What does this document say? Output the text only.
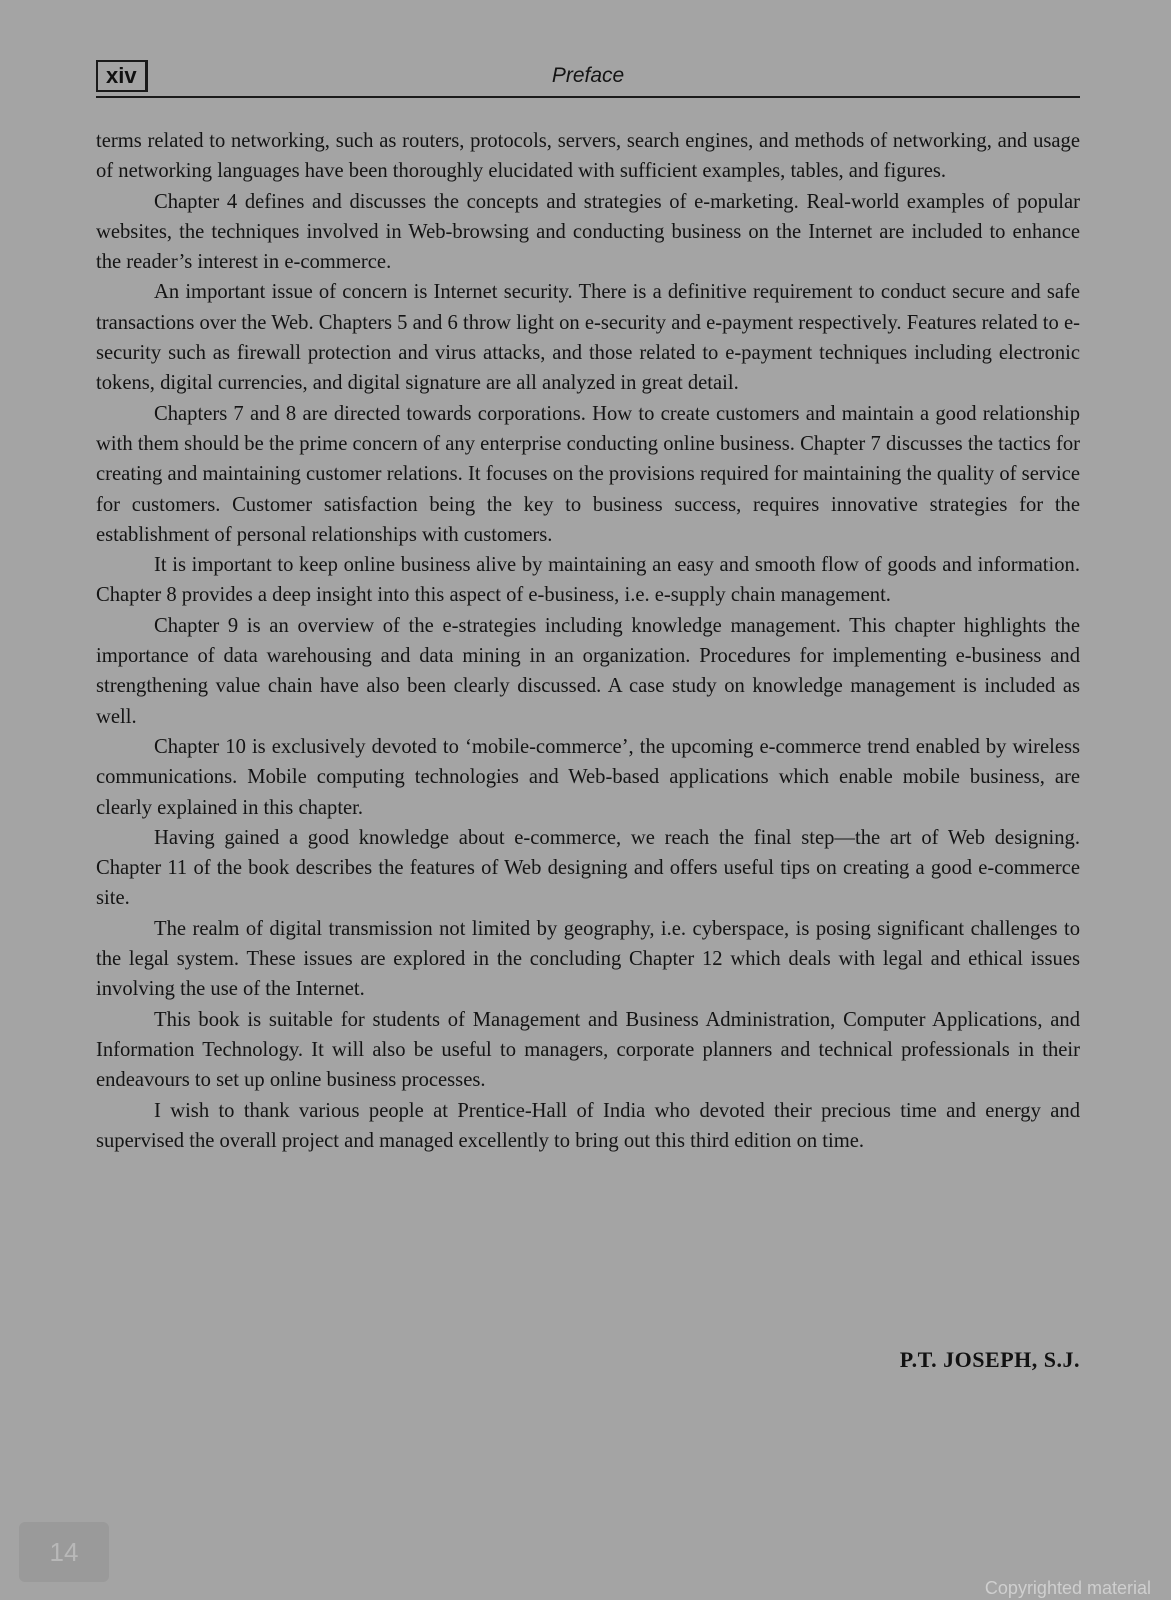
xiv	Preface

terms related to networking, such as routers, protocols, servers, search engines, and methods of networking, and usage of networking languages have been thoroughly elucidated with sufficient examples, tables, and figures.

Chapter 4 defines and discusses the concepts and strategies of e-marketing. Real-world examples of popular websites, the techniques involved in Web-browsing and conducting business on the Internet are included to enhance the reader’s interest in e-commerce.

An important issue of concern is Internet security. There is a definitive requirement to conduct secure and safe transactions over the Web. Chapters 5 and 6 throw light on e-security and e-payment respectively. Features related to e-security such as firewall protection and virus attacks, and those related to e-payment techniques including electronic tokens, digital currencies, and digital signature are all analyzed in great detail.

Chapters 7 and 8 are directed towards corporations. How to create customers and maintain a good relationship with them should be the prime concern of any enterprise conducting online business. Chapter 7 discusses the tactics for creating and maintaining customer relations. It focuses on the provisions required for maintaining the quality of service for customers. Customer satisfaction being the key to business success, requires innovative strategies for the establishment of personal relationships with customers.

It is important to keep online business alive by maintaining an easy and smooth flow of goods and information. Chapter 8 provides a deep insight into this aspect of e-business, i.e. e-supply chain management.

Chapter 9 is an overview of the e-strategies including knowledge management. This chapter highlights the importance of data warehousing and data mining in an organization. Procedures for implementing e-business and strengthening value chain have also been clearly discussed. A case study on knowledge management is included as well.

Chapter 10 is exclusively devoted to ‘mobile-commerce’, the upcoming e-commerce trend enabled by wireless communications. Mobile computing technologies and Web-based applications which enable mobile business, are clearly explained in this chapter.

Having gained a good knowledge about e-commerce, we reach the final step—the art of Web designing. Chapter 11 of the book describes the features of Web designing and offers useful tips on creating a good e-commerce site.

The realm of digital transmission not limited by geography, i.e. cyberspace, is posing significant challenges to the legal system. These issues are explored in the concluding Chapter 12 which deals with legal and ethical issues involving the use of the Internet.

This book is suitable for students of Management and Business Administration, Computer Applications, and Information Technology. It will also be useful to managers, corporate planners and technical professionals in their endeavours to set up online business processes.

I wish to thank various people at Prentice-Hall of India who devoted their precious time and energy and supervised the overall project and managed excellently to bring out this third edition on time.

P.T. JOSEPH, S.J.
14
Copyrighted material
